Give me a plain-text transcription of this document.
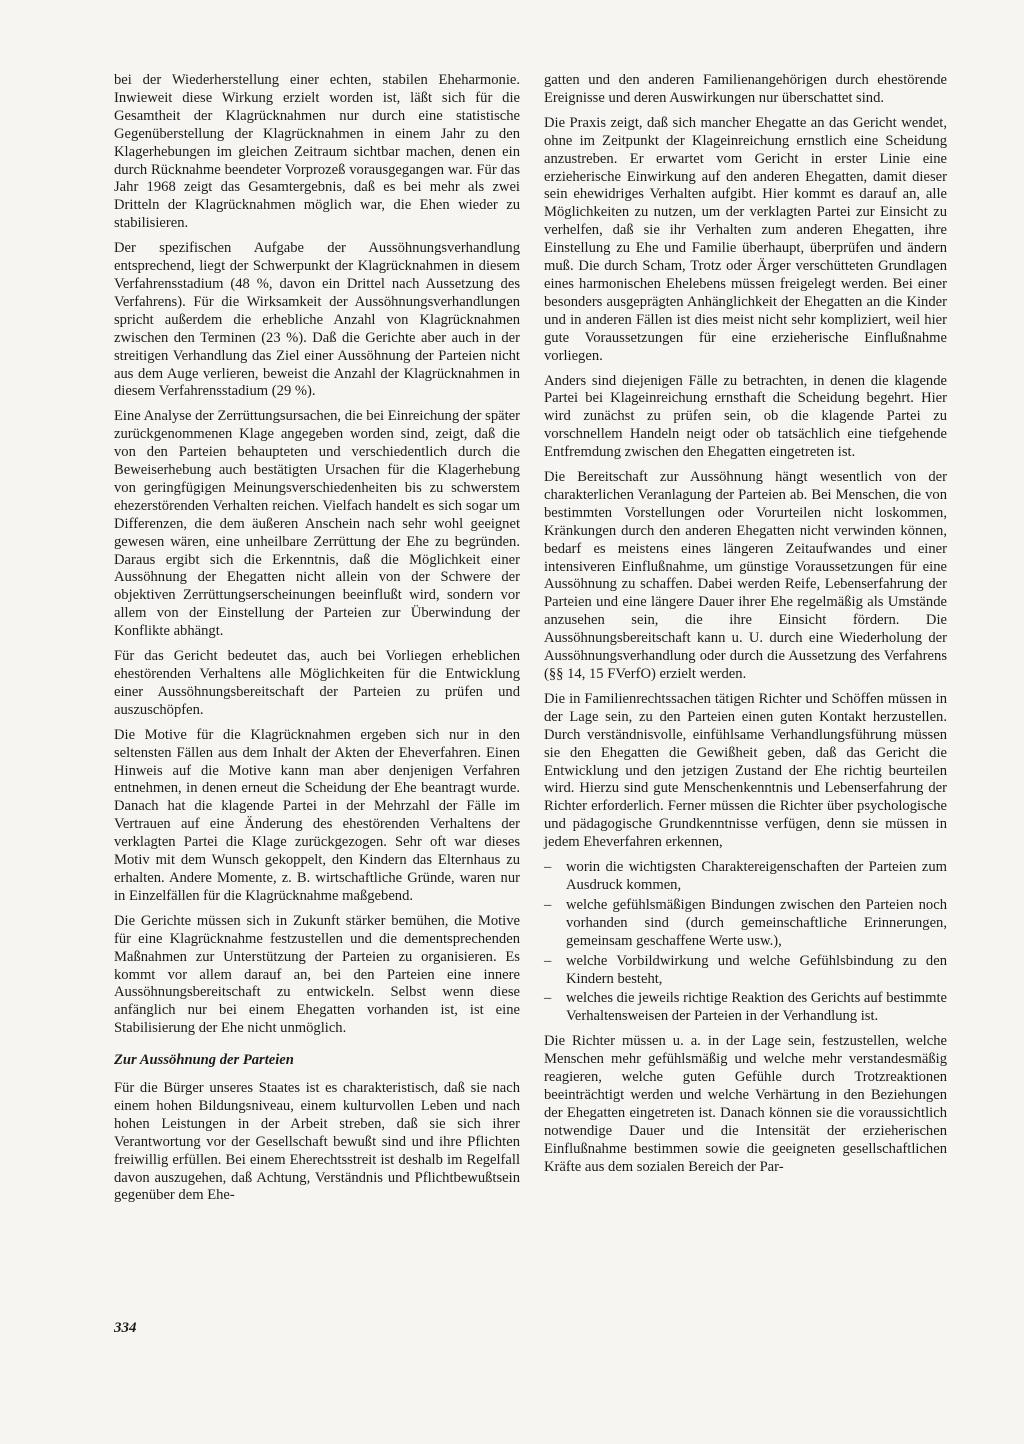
bei der Wiederherstellung einer echten, stabilen Eheharmonie. Inwieweit diese Wirkung erzielt worden ist, läßt sich für die Gesamtheit der Klagrücknahmen nur durch eine statistische Gegenüberstellung der Klagrücknahmen in einem Jahr zu den Klagerhebungen im gleichen Zeitraum sichtbar machen, denen ein durch Rücknahme beendeter Vorprozeß vorausgegangen war. Für das Jahr 1968 zeigt das Gesamtergebnis, daß es bei mehr als zwei Dritteln der Klagrücknahmen möglich war, die Ehen wieder zu stabilisieren.

Der spezifischen Aufgabe der Aussöhnungsverhandlung entsprechend, liegt der Schwerpunkt der Klagrücknahmen in diesem Verfahrensstadium (48 %, davon ein Drittel nach Aussetzung des Verfahrens). Für die Wirksamkeit der Aussöhnungsverhandlungen spricht außerdem die erhebliche Anzahl von Klagrücknahmen zwischen den Terminen (23 %). Daß die Gerichte aber auch in der streitigen Verhandlung das Ziel einer Aussöhnung der Parteien nicht aus dem Auge verlieren, beweist die Anzahl der Klagrücknahmen in diesem Verfahrensstadium (29 %).

Eine Analyse der Zerrüttungsursachen, die bei Einreichung der später zurückgenommenen Klage angegeben worden sind, zeigt, daß die von den Parteien behaupteten und verschiedentlich durch die Beweiserhebung auch bestätigten Ursachen für die Klagerhebung von geringfügigen Meinungsverschiedenheiten bis zu schwerstem ehezerstörenden Verhalten reichen. Vielfach handelt es sich sogar um Differenzen, die dem äußeren Anschein nach sehr wohl geeignet gewesen wären, eine unheilbare Zerrüttung der Ehe zu begründen. Daraus ergibt sich die Erkenntnis, daß die Möglichkeit einer Aussöhnung der Ehegatten nicht allein von der Schwere der objektiven Zerrüttungserscheinungen beeinflußt wird, sondern vor allem von der Einstellung der Parteien zur Überwindung der Konflikte abhängt.

Für das Gericht bedeutet das, auch bei Vorliegen erheblichen ehestörenden Verhaltens alle Möglichkeiten für die Entwicklung einer Aussöhnungsbereitschaft der Parteien zu prüfen und auszuschöpfen.

Die Motive für die Klagrücknahmen ergeben sich nur in den seltensten Fällen aus dem Inhalt der Akten der Eheverfahren. Einen Hinweis auf die Motive kann man aber denjenigen Verfahren entnehmen, in denen erneut die Scheidung der Ehe beantragt wurde. Danach hat die klagende Partei in der Mehrzahl der Fälle im Vertrauen auf eine Änderung des ehestörenden Verhaltens der verklagten Partei die Klage zurückgezogen. Sehr oft war dieses Motiv mit dem Wunsch gekoppelt, den Kindern das Elternhaus zu erhalten. Andere Momente, z. B. wirtschaftliche Gründe, waren nur in Einzelfällen für die Klagrücknahme maßgebend.

Die Gerichte müssen sich in Zukunft stärker bemühen, die Motive für eine Klagrücknahme festzustellen und die dementsprechenden Maßnahmen zur Unterstützung der Parteien zu organisieren. Es kommt vor allem darauf an, bei den Parteien eine innere Aussöhnungsbereitschaft zu entwickeln. Selbst wenn diese anfänglich nur bei einem Ehegatten vorhanden ist, ist eine Stabilisierung der Ehe nicht unmöglich.

Zur Aussöhnung der Parteien

Für die Bürger unseres Staates ist es charakteristisch, daß sie nach einem hohen Bildungsniveau, einem kulturvollen Leben und nach hohen Leistungen in der Arbeit streben, daß sie sich ihrer Verantwortung vor der Gesellschaft bewußt sind und ihre Pflichten freiwillig erfüllen. Bei einem Eherechtsstreit ist deshalb im Regelfall davon auszugehen, daß Achtung, Verständnis und Pflichtbewußtsein gegenüber dem Ehe-

gatten und den anderen Familienangehörigen durch ehestörende Ereignisse und deren Auswirkungen nur überschattet sind.

Die Praxis zeigt, daß sich mancher Ehegatte an das Gericht wendet, ohne im Zeitpunkt der Klageinreichung ernstlich eine Scheidung anzustreben. Er erwartet vom Gericht in erster Linie eine erzieherische Einwirkung auf den anderen Ehegatten, damit dieser sein ehewidriges Verhalten aufgibt. Hier kommt es darauf an, alle Möglichkeiten zu nutzen, um der verklagten Partei zur Einsicht zu verhelfen, daß sie ihr Verhalten zum anderen Ehegatten, ihre Einstellung zu Ehe und Familie überhaupt, überprüfen und ändern muß. Die durch Scham, Trotz oder Ärger verschütteten Grundlagen eines harmonischen Ehelebens müssen freigelegt werden. Bei einer besonders ausgeprägten Anhänglichkeit der Ehegatten an die Kinder und in anderen Fällen ist dies meist nicht sehr kompliziert, weil hier gute Voraussetzungen für eine erzieherische Einflußnahme vorliegen.

Anders sind diejenigen Fälle zu betrachten, in denen die klagende Partei bei Klageinreichung ernsthaft die Scheidung begehrt. Hier wird zunächst zu prüfen sein, ob die klagende Partei zu vorschnellem Handeln neigt oder ob tatsächlich eine tiefgehende Entfremdung zwischen den Ehegatten eingetreten ist.

Die Bereitschaft zur Aussöhnung hängt wesentlich von der charakterlichen Veranlagung der Parteien ab. Bei Menschen, die von bestimmten Vorstellungen oder Vorurteilen nicht loskommen, Kränkungen durch den anderen Ehegatten nicht verwinden können, bedarf es meistens eines längeren Zeitaufwandes und einer intensiveren Einflußnahme, um günstige Voraussetzungen für eine Aussöhnung zu schaffen. Dabei werden Reife, Lebenserfahrung der Parteien und eine längere Dauer ihrer Ehe regelmäßig als Umstände anzusehen sein, die ihre Einsicht fördern. Die Aussöhnungsbereitschaft kann u. U. durch eine Wiederholung der Aussöhnungsverhandlung oder durch die Aussetzung des Verfahrens (§§ 14, 15 FVerfO) erzielt werden.

Die in Familienrechtssachen tätigen Richter und Schöffen müssen in der Lage sein, zu den Parteien einen guten Kontakt herzustellen. Durch verständnisvolle, einfühlsame Verhandlungsführung müssen sie den Ehegatten die Gewißheit geben, daß das Gericht die Entwicklung und den jetzigen Zustand der Ehe richtig beurteilen wird. Hierzu sind gute Menschenkenntnis und Lebenserfahrung der Richter erforderlich. Ferner müssen die Richter über psychologische und pädagogische Grundkenntnisse verfügen, denn sie müssen in jedem Eheverfahren erkennen,

– worin die wichtigsten Charaktereigenschaften der Parteien zum Ausdruck kommen,
– welche gefühlsmäßigen Bindungen zwischen den Parteien noch vorhanden sind (durch gemeinschaftliche Erinnerungen, gemeinsam geschaffene Werte usw.),
– welche Vorbildwirkung und welche Gefühlsbindung zu den Kindern besteht,
– welches die jeweils richtige Reaktion des Gerichts auf bestimmte Verhaltensweisen der Parteien in der Verhandlung ist.

Die Richter müssen u. a. in der Lage sein, festzustellen, welche Menschen mehr gefühlsmäßig und welche mehr verstandesmäßig reagieren, welche guten Gefühle durch Trotzreaktionen beeinträchtigt werden und welche Verhärtung in den Beziehungen der Ehegatten eingetreten ist. Danach können sie die voraussichtlich notwendige Dauer und die Intensität der erzieherischen Einflußnahme bestimmen sowie die geeigneten gesellschaftlichen Kräfte aus dem sozialen Bereich der Par-

334
